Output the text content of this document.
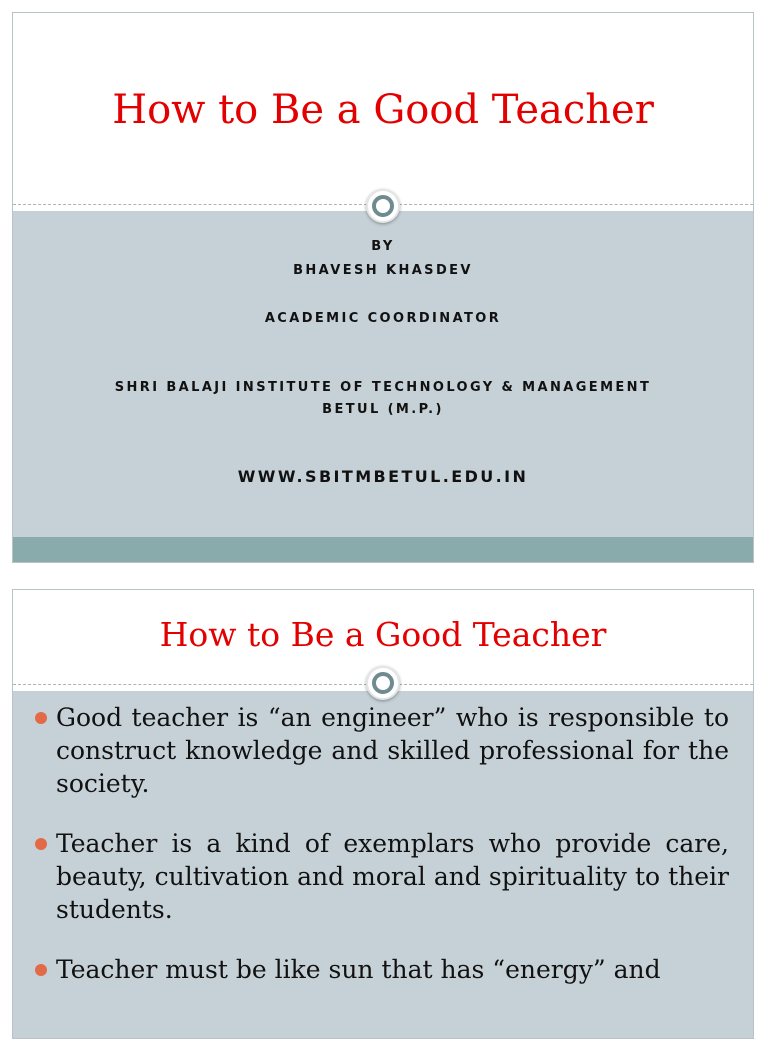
How to Be a Good Teacher
BY
BHAVESH KHASDEV
ACADEMIC COORDINATOR
SHRI BALAJI INSTITUTE OF TECHNOLOGY & MANAGEMENT
BETUL (M.P.)
WWW.SBITMBETUL.EDU.IN
How to Be a Good Teacher
Good teacher is “an engineer” who is responsible to construct knowledge and skilled professional for the society.
Teacher is a kind of exemplars who provide care, beauty, cultivation and moral and spirituality to their students.
Teacher must be like sun that has “energy” and
